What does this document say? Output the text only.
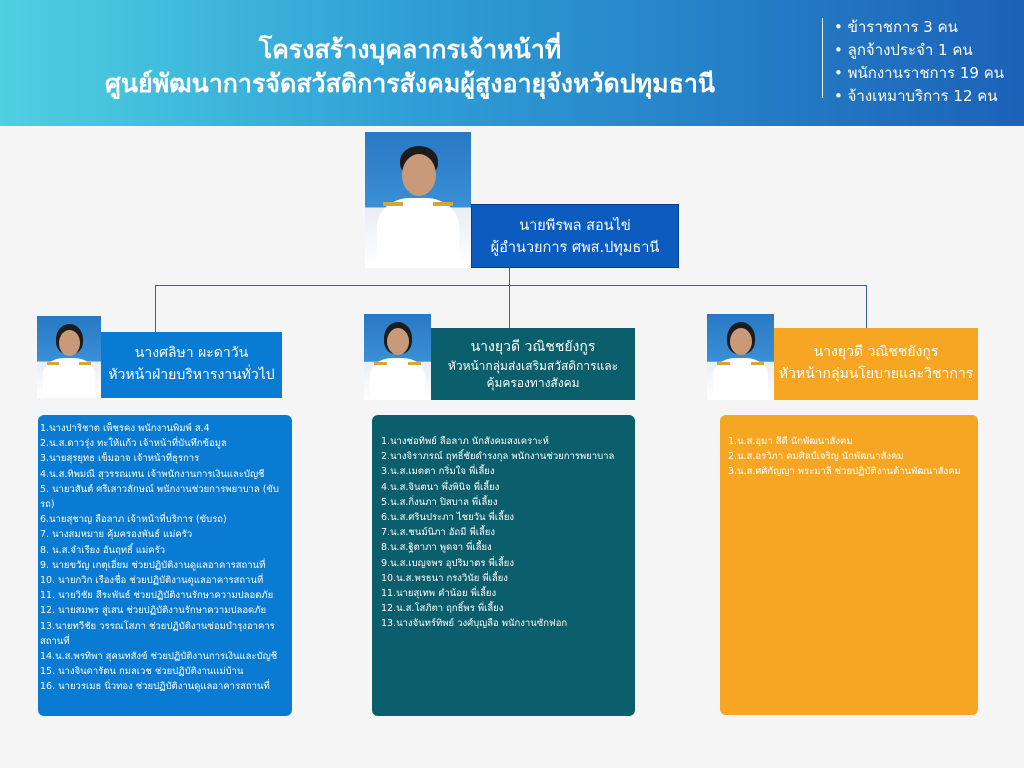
โครงสร้างบุคลากรเจ้าหน้าที่
ศูนย์พัฒนาการจัดสวัสดิการสังคมผู้สูงอายุจังหวัดปทุมธานี
• ข้าราชการ 3 คน
• ลูกจ้างประจำ 1 คน
• พนักงานราชการ 19 คน
• จ้างเหมาบริการ 12 คน
นายพีรพล สอนไข่
ผู้อำนวยการ ศพส.ปทุมธานี
นางศลิษา ผะดาวัน
หัวหน้าฝ่ายบริหารงานทั่วไป
1.นางปาริชาต เพ็ชรคง พนักงานพิมพ์ ส.4
2.น.ส.ดาวรุ่ง ทะให้แก้ว เจ้าหน้าที่บันทึกข้อมูล
3.นายสุรยุทธ เข็มอาจ เจ้าหน้าที่ธุรการ
4.น.ส.ทิพมณี สุวรรณเทน เจ้าพนักงานการเงินและบัญชี
5. นายวสันต์ ศรีเสาวลักษณ์ พนักงานช่วยการพยาบาล (ขับรถ)
6.นายสุชาญ ลือลาภ เจ้าหน้าที่บริการ (ขับรถ)
7. นางสมหมาย คุ้มครองพันธ์ แม่ครัว
8. น.ส.จำเรียง อันฤทธิ์ แม่ครัว
9. นายขวัญ เกตุเอี่ยม ช่วยปฏิบัติงานดูแลอาคารสถานที่
10. นายกวิก เรืองชื่อ ช่วยปฏิบัติงานดูแลอาคารสถานที่
11. นายวิชัย สีระพันธ์ ช่วยปฏิบัติงานรักษาความปลอดภัย
12. นายสมพร สู่เสน ช่วยปฏิบัติงานรักษาความปลอดภัย
13.นายทวีชัย วรรณโสภา ช่วยปฏิบัติงานซ่อมบำรุงอาคารสถานที่
14.น.ส.พรทิพา สุคนทสังข์ ช่วยปฏิบัติงานการเงินและบัญชี
15. นางจินดารัตน กมลเวช ช่วยปฏิบัติงานแม่บ้าน
16. นายวรเมธ นิ่วทอง ช่วยปฏิบัติงานดูแลอาคารสถานที่
นางยุวดี วณิชชยังกูร
หัวหน้ากลุ่มส่งเสริมสวัสดิการและคุ้มครองทางสังคม
1.นางช่อทิพย์ ลือลาภ นักสังคมสงเคราะห์
2.นางจิราภรณ์ ฤทธิ์ชัยดำรงกุล พนักงานช่วยการพยาบาล
3.น.ส.เมตตา กริ่มใจ พี่เลี้ยง
4.น.ส.จินตนา พึ่งพินิจ พี่เลี้ยง
5.น.ส.กิ่งนภา ปิสบาล พี่เลี้ยง
6.น.ส.ศรินประภา ไชยวัน พี่เลี้ยง
7.น.ส.ชนม์นิภา อัถมี พี่เลี้ยง
8.น.ส.ฐิตาภา พูดจา พี่เลี้ยง
9.น.ส.เบญจพร อุปริมาตร พี่เลี้ยง
10.น.ส.พรธนา กรงวินัย พี่เลี้ยง
11.นายสุเทพ คำน้อย พี่เลี้ยง
12.น.ส.โสภิตา ฤกธิ์พร พี่เลี้ยง
13.นางจันทร์ทิพย์ วงศ์บุญลือ พนักงานซักฟอก
นางยุวดี วณิชชยังกูร
หัวหน้ากลุ่มนโยบายและวิชาการ
1.น.ส.อุมา สีดี นักพัฒนาสังคม
2.น.ส.อรวิภา คมศิลป์เจริญ นักพัฒนาสังคม
3.น.ส.ศศิกัญญา พระมาลี ช่วยปฏิบัติงานด้านพัฒนาสังคม
